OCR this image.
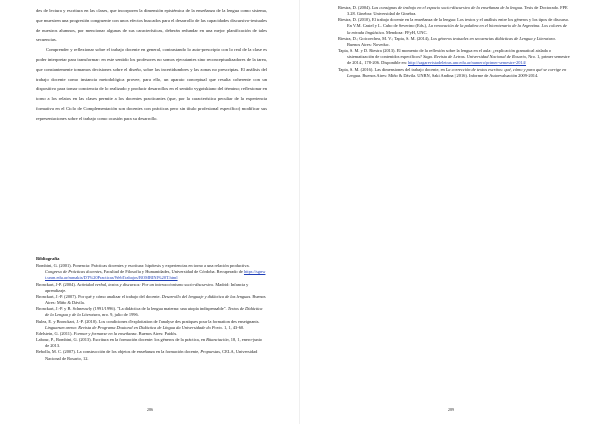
des de lectura y escritura en las clases, que incorporen la dimensión epistémica de la enseñanza de la lengua como sistema, que muestren una progresión congruente con unos efectos buscados para el desarrollo de las capacidades discursivo-textuales de nuestros alumnos, por mencionar algunas de sus características, deberán redundar en una mejor planificación de tales secuencias.

Comprender y reflexionar sobre el trabajo docente en general, contrastando lo auto-prescripto con lo real de la clase es poder interpretar para transformar: en este sentido los profesores no somos ejecutantes sino reconceptualizadores de la tarea, que constantemente tomamos decisiones sobre el diseño, sobre las incertidumbres y las zonas no prescriptas. El análisis del trabajo docente como instancia metodológica provee, para ello, un aparato conceptual que resulta coherente con un dispositivo para tomar conciencia de lo realizado y producir desarrollos en el sentido vygotskiano del término; reflexionar en torno a los relatos en las clases permite a los docentes practicantes (que, por la característica peculiar de la experiencia formativa en el Ciclo de Complementación son docentes con prácticas pero sin título profesional específico) modificar sus representaciones sobre el trabajo como ocasión para su desarrollo.

Bibliografía

Bombini, G. (2001). Ponencia: Prácticas docentes y escritura: hipótesis y experiencias en torno a una relación productiva. Congreso de Prácticas docentes, Facultad de Filosofía y Humanidades, Universidad de Córdoba. Recuperado de https://sgnwt.unrn.edu.ar/mmakis/DT%20Practicas/WebTrabajos/BOMBINI%20T.html

Bronckart, J-P. (2004). Actividad verbal, textos y discursos: Por un interaccionismo socio-discursivo. Madrid: Infancia y aprendizaje.

Bronckart, J.-P. (2007). Por qué y cómo analizar el trabajo del docente. Desarrollo del lenguaje y didáctica de las lenguas. Buenos Aires: Miño & Dávila.

Bronckart, J.-P. y B. Schneuwly (1991/1996). "La didáctica de la lengua materna: una utopía indispensable". Textos de Didáctica de la Lengua y de la Literatura, nro. 9, julio de 1996.

Bulea, E. y Bronckart, J.-P. (2010). Los condiciones d'exploitation de l'analyse des pratiques pour la formation des enseignants. Linguarum arena: Revista de Programa Doutoral en Didáctica de Língua da Universidade do Porto. 1, 1, 43-60.

Edelstein, G. (2011). Formar y formarse en la enseñanza. Buenos Aires: Paidós.

Labour, P., Bombini, G. (2013). Escritura en la formación docente: los géneros de la práctica, en Bitanciación, 18, 1, enero-junio de 2013.

Rebolla, M. C. (2007). La construcción de los objetos de enseñanza en la formación docente, Propuestas, CELA, Universidad Nacional de Rosario, 12.

286

Riestra, D. (2004). Las consignas de trabajo en el espacio socio-discursivo de la enseñanza de la lengua. Tesis de Doctorado. FPE 3.28. Ginebra: Universidad de Ginebra.

Riestra, D. (2010), El trabajo docente en la enseñanza de la lengua: Los textos y el análisis entre los géneros y los tipos de discurso. En V.M. Castel y L. Cubo de Severino (Eds.), La renovación de la palabra en el bicentenario de la Argentina. Los colores de la mirada lingüística. Mendoza: FFyH, UNC.

Riestra, D.; Goicoechea, M. V.; Tapia, S. M. (2014), Los géneros textuales en secuencias didácticas de Lengua y Literatura. Buenos Aires: Noveduc.

Tapia, S. M. y D. Riestra (2013). El momento de la reflexión sobre la lengua en el aula: ¿explicación gramatical aislada o sistematización de contenidos específicos? Saga. Revista de Letras. Universidad Nacional de Rosario, Nro. 1, primer semestre de 2014., 178-206. Disponible en: http://sagarevistadeletras.unr.edu.ar/numero/primer-semestre-2014/

Tapia, S. M. (2016). Las dimensiones del trabajo docente, en La corrección de textos escritos: qué, cómo y para qué se corrige en Lengua. Buenos Aires: Miño & Dávila. UNRN, Saki Andina | 2016). Informe de Autoevaluación 2009-2014.

289
